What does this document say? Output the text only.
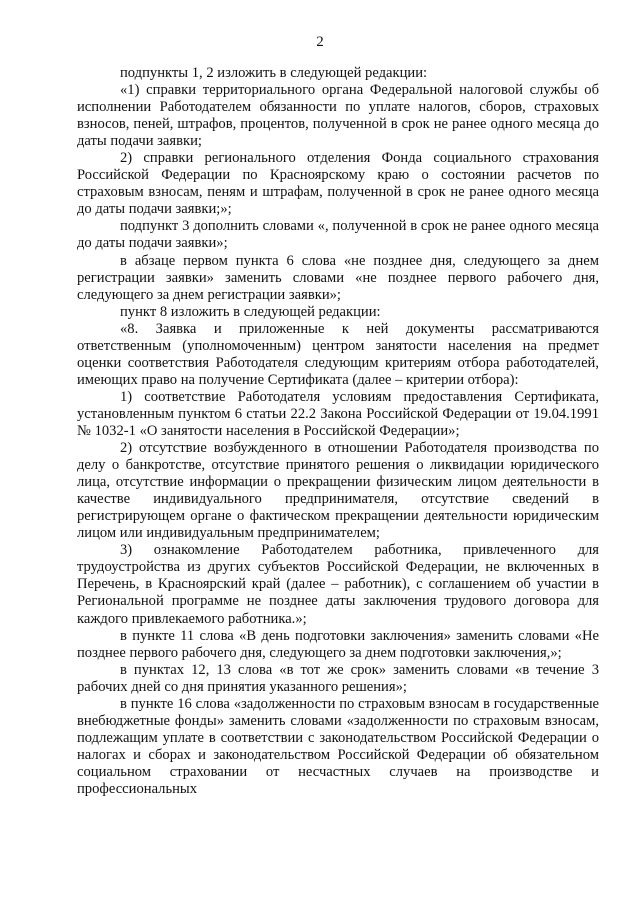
2

подпункты 1, 2 изложить в следующей редакции:

«1) справки территориального органа Федеральной налоговой службы об исполнении Работодателем обязанности по уплате налогов, сборов, страховых взносов, пеней, штрафов, процентов, полученной в срок не ранее одного месяца до даты подачи заявки;

2) справки регионального отделения Фонда социального страхования Российской Федерации по Красноярскому краю о состоянии расчетов по страховым взносам, пеням и штрафам, полученной в срок не ранее одного месяца до даты подачи заявки;»;

подпункт 3 дополнить словами «, полученной в срок не ранее одного месяца до даты подачи заявки»;

в абзаце первом пункта 6 слова «не позднее дня, следующего за днем регистрации заявки» заменить словами «не позднее первого рабочего дня, следующего за днем регистрации заявки»;

пункт 8 изложить в следующей редакции:

«8. Заявка и приложенные к ней документы рассматриваются ответственным (уполномоченным) центром занятости населения на предмет оценки соответствия Работодателя следующим критериям отбора работодателей, имеющих право на получение Сертификата (далее – критерии отбора):

1) соответствие Работодателя условиям предоставления Сертификата, установленным пунктом 6 статьи 22.2 Закона Российской Федерации от 19.04.1991 № 1032-1 «О занятости населения в Российской Федерации»;

2) отсутствие возбужденного в отношении Работодателя производства по делу о банкротстве, отсутствие принятого решения о ликвидации юридического лица, отсутствие информации о прекращении физическим лицом деятельности в качестве индивидуального предпринимателя, отсутствие сведений в регистрирующем органе о фактическом прекращении деятельности юридическим лицом или индивидуальным предпринимателем;

3) ознакомление Работодателем работника, привлеченного для трудоустройства из других субъектов Российской Федерации, не включенных в Перечень, в Красноярский край (далее – работник), с соглашением об участии в Региональной программе не позднее даты заключения трудового договора для каждого привлекаемого работника.»;

в пункте 11 слова «В день подготовки заключения» заменить словами «Не позднее первого рабочего дня, следующего за днем подготовки заключения,»;

в пунктах 12, 13 слова «в тот же срок» заменить словами «в течение 3 рабочих дней со дня принятия указанного решения»;

в пункте 16 слова «задолженности по страховым взносам в государственные внебюджетные фонды» заменить словами «задолженности по страховым взносам, подлежащим уплате в соответствии с законодательством Российской Федерации о налогах и сборах и законодательством Российской Федерации об обязательном социальном страховании от несчастных случаев на производстве и профессиональных
